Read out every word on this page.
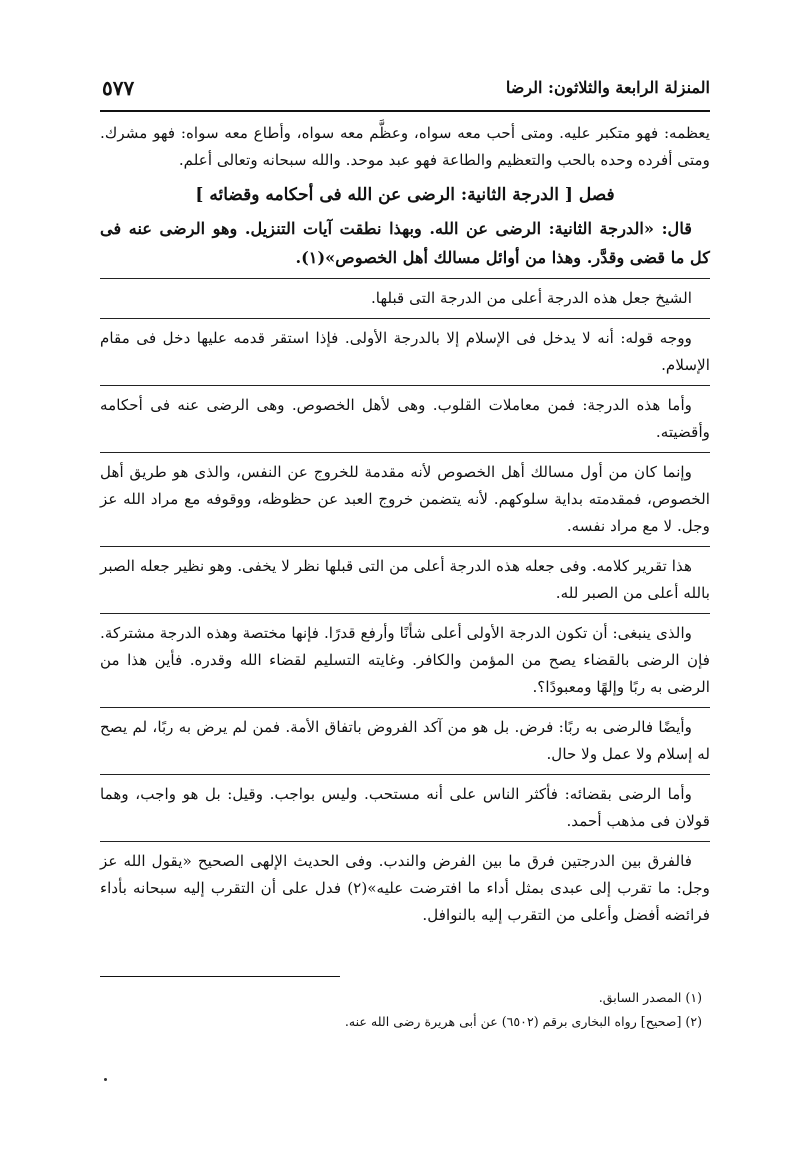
المنزلة الرابعة والثلاثون: الرضا
٥٧٧

يعظمه: فهو متكبر عليه. ومتى أحب معه سواه، وعظَّم معه سواه، وأطاع معه سواه: فهو مشرك. ومتى أفرده وحده بالحب والتعظيم والطاعة فهو عبد موحد. والله سبحانه وتعالى أعلم.

فصل [ الدرجة الثانية: الرضى عن الله فى أحكامه وقضائه ]

قال: «الدرجة الثانية: الرضى عن الله. وبهذا نطقت آيات التنزيل. وهو الرضى عنه فى كل ما قضى وقدَّر. وهذا من أوائل مسالك أهل الخصوص»(١).

الشيخ جعل هذه الدرجة أعلى من الدرجة التى قبلها.

ووجه قوله: أنه لا يدخل فى الإسلام إلا بالدرجة الأولى. فإذا استقر قدمه عليها دخل فى مقام الإسلام.

وأما هذه الدرجة: فمن معاملات القلوب. وهى لأهل الخصوص. وهى الرضى عنه فى أحكامه وأقضيته.

وإنما كان من أول مسالك أهل الخصوص لأنه مقدمة للخروج عن النفس، والذى هو طريق أهل الخصوص، فمقدمته بداية سلوكهم. لأنه يتضمن خروج العبد عن حظوظه، ووقوفه مع مراد الله عز وجل. لا مع مراد نفسه.

هذا تقرير كلامه. وفى جعله هذه الدرجة أعلى من التى قبلها نظر لا يخفى. وهو نظير جعله الصبر بالله أعلى من الصبر لله.

والذى ينبغى: أن تكون الدرجة الأولى أعلى شأنًا وأرفع قدرًا. فإنها مختصة وهذه الدرجة مشتركة. فإن الرضى بالقضاء يصح من المؤمن والكافر. وغايته التسليم لقضاء الله وقدره. فأين هذا من الرضى به ربًا وإلهًا ومعبودًا؟.

وأيضًا فالرضى به ربًا: فرض. بل هو من آكد الفروض باتفاق الأمة. فمن لم يرض به ربًا، لم يصح له إسلام ولا عمل ولا حال.

وأما الرضى بقضائه: فأكثر الناس على أنه مستحب. وليس بواجب. وقيل: بل هو واجب، وهما قولان فى مذهب أحمد.

فالفرق بين الدرجتين فرق ما بين الفرض والندب. وفى الحديث الإلهى الصحيح «يقول الله عز وجل: ما تقرب إلى عبدى بمثل أداء ما افترضت عليه»(٢) فدل على أن التقرب إليه سبحانه بأداء فرائضه أفضل وأعلى من التقرب إليه بالنوافل.

(١) المصدر السابق.
(٢) [صحيح] رواه البخارى برقم (٦٥٠٢) عن أبى هريرة رضى الله عنه.
